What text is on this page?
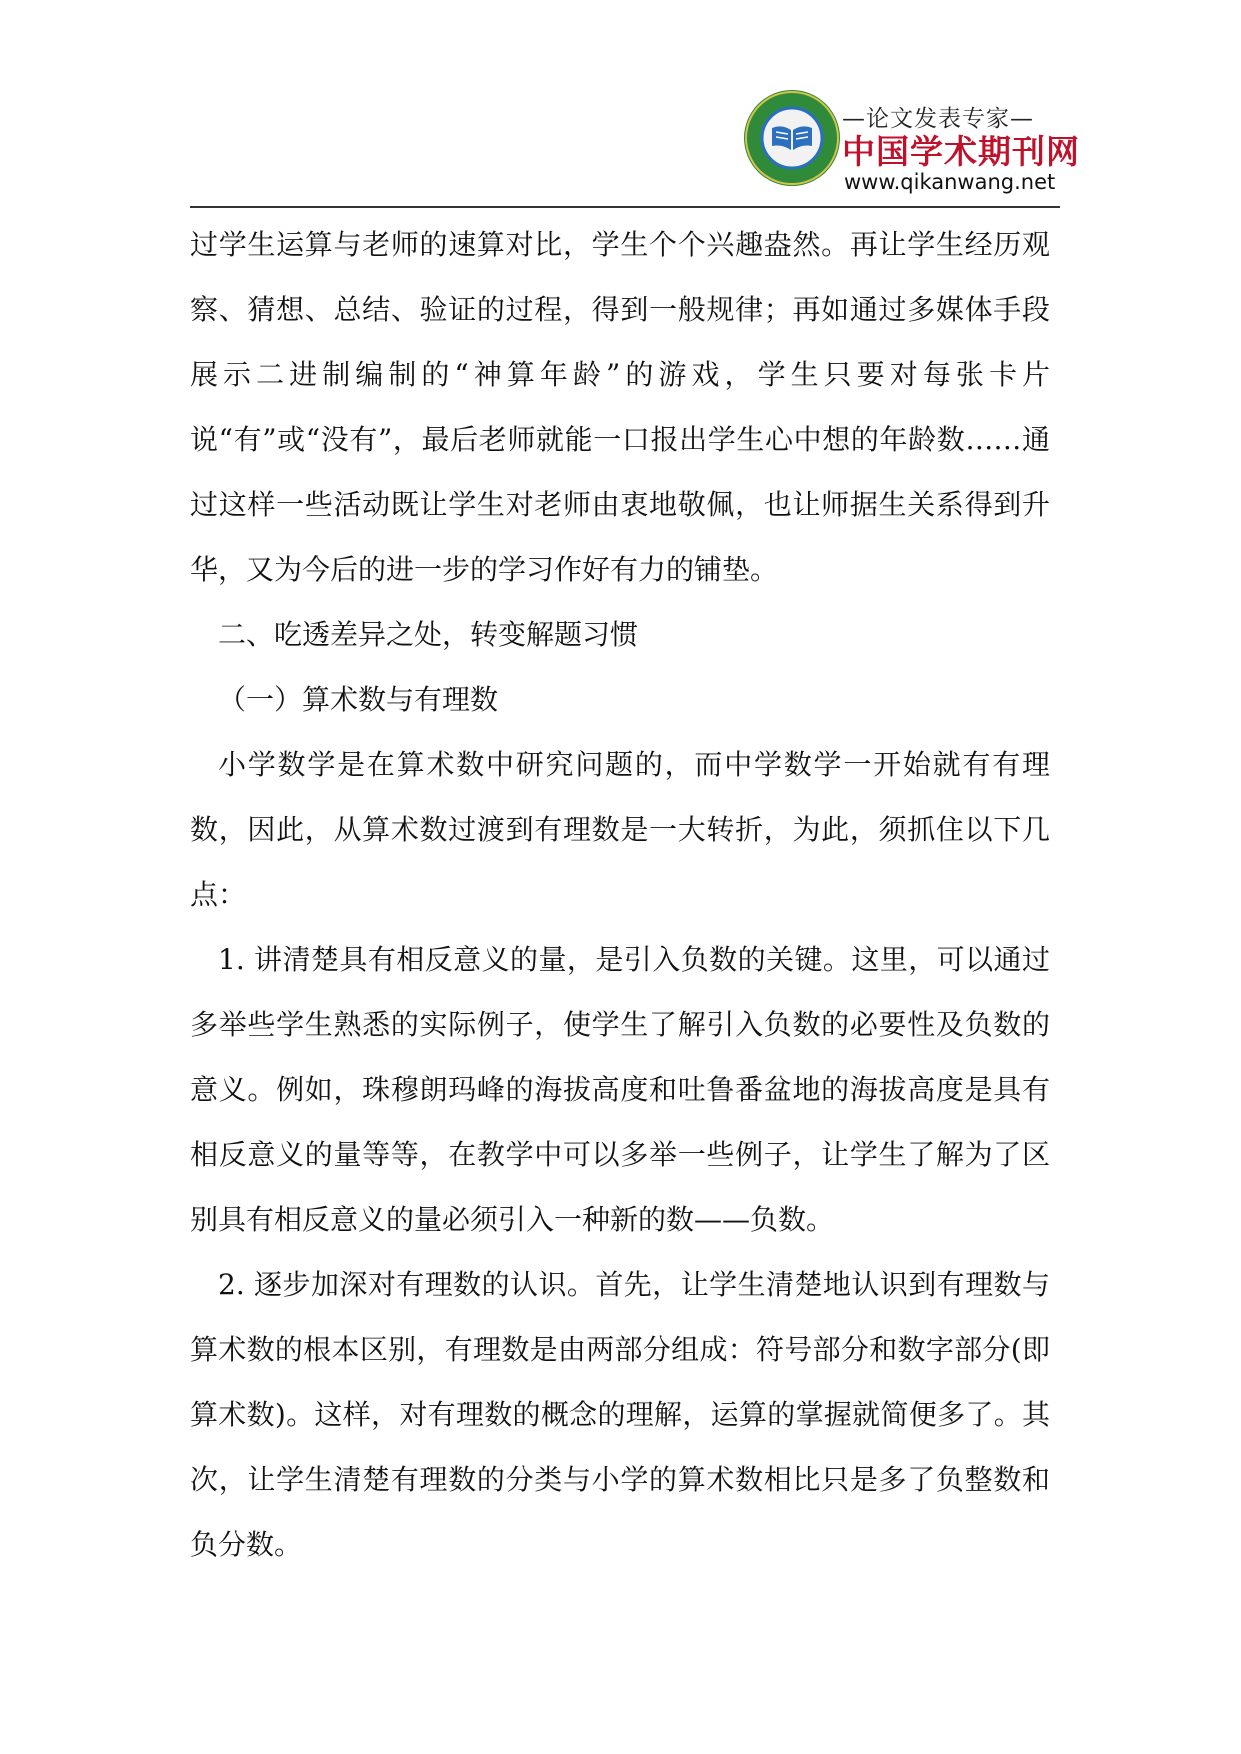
—论文发表专家—
中国学术期刊网
www.qikanwang.net

过学生运算与老师的速算对比，学生个个兴趣盎然。再让学生经历观察、猜想、总结、验证的过程，得到一般规律；再如通过多媒体手段展示二进制编制的“神算年龄”的游戏，学生只要对每张卡片说“有”或“没有”，最后老师就能一口报出学生心中想的年龄数……通过这样一些活动既让学生对老师由衷地敬佩，也让师据生关系得到升华，又为今后的进一步的学习作好有力的铺垫。

二、吃透差异之处，转变解题习惯

（一）算术数与有理数

小学数学是在算术数中研究问题的，而中学数学一开始就有有理数，因此，从算术数过渡到有理数是一大转折，为此，须抓住以下几点：

1. 讲清楚具有相反意义的量，是引入负数的关键。这里，可以通过多举些学生熟悉的实际例子，使学生了解引入负数的必要性及负数的意义。例如，珠穆朗玛峰的海拔高度和吐鲁番盆地的海拔高度是具有相反意义的量等等，在教学中可以多举一些例子，让学生了解为了区别具有相反意义的量必须引入一种新的数——负数。

2. 逐步加深对有理数的认识。首先，让学生清楚地认识到有理数与算术数的根本区别，有理数是由两部分组成：符号部分和数字部分(即算术数)。这样，对有理数的概念的理解，运算的掌握就简便多了。其次，让学生清楚有理数的分类与小学的算术数相比只是多了负整数和负分数。
